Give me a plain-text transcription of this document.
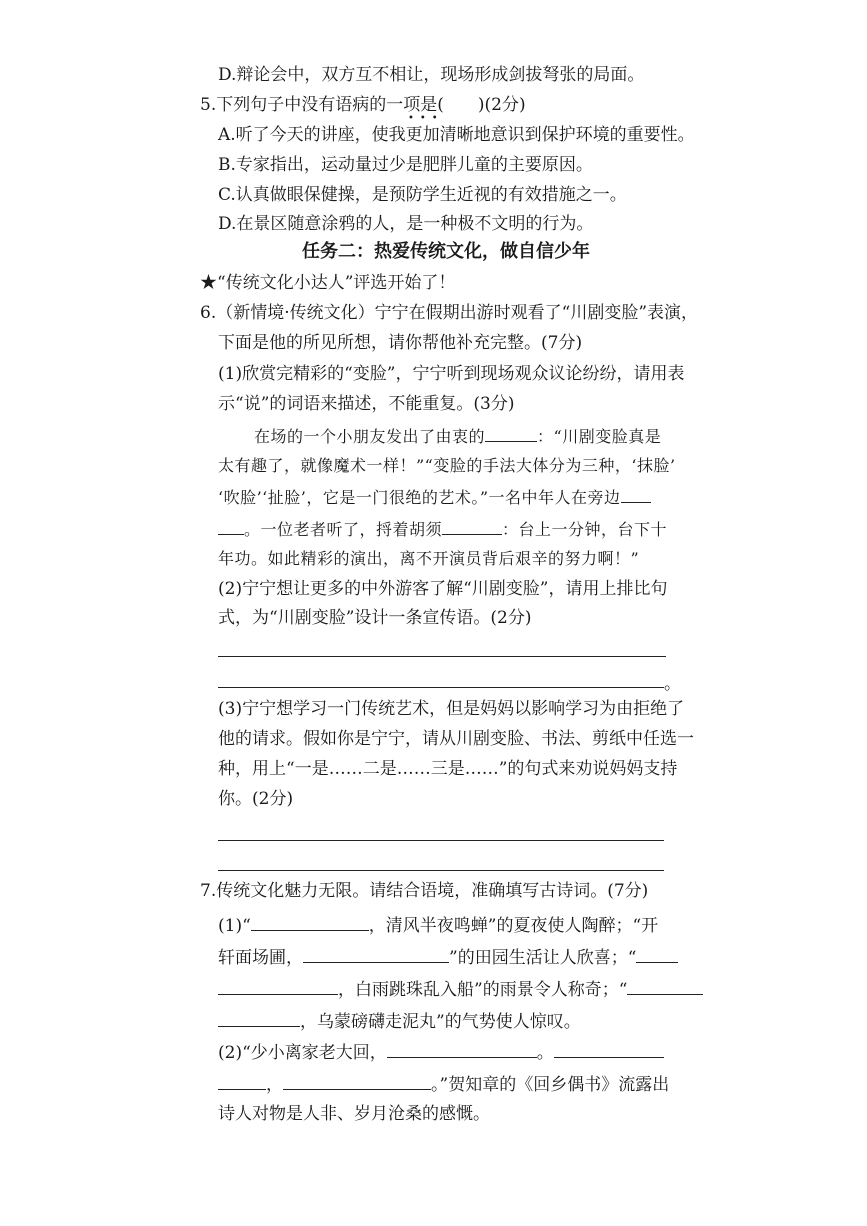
D.辩论会中，双方互不相让，现场形成剑拔弩张的局面。
5.下列句子中没有语病的一项是( )(2分)
•••
A.听了今天的讲座，使我更加清晰地意识到保护环境的重要性。
B.专家指出，运动量过少是肥胖儿童的主要原因。
C.认真做眼保健操，是预防学生近视的有效措施之一。
D.在景区随意涂鸦的人，是一种极不文明的行为。
任务二：热爱传统文化，做自信少年
★“传统文化小达人”评选开始了！
6.（新情境·传统文化）宁宁在假期出游时观看了“川剧变脸”表演，
下面是他的所见所想，请你帮他补充完整。(7分)
(1)欣赏完精彩的“变脸”，宁宁听到现场观众议论纷纷，请用表
示“说”的词语来描述，不能重复。(3分)
在场的一个小朋友发出了由衷的	：“川剧变脸真是
太有趣了，就像魔术一样！”“变脸的手法大体分为三种，‘抹脸’
‘吹脸’‘扯脸’，它是一门很绝的艺术。”一名中年人在旁边
。一位老者听了，捋着胡须	：台上一分钟，台下十
年功。如此精彩的演出，离不开演员背后艰辛的努力啊！”
(2)宁宁想让更多的中外游客了解“川剧变脸”，请用上排比句
式，为“川剧变脸”设计一条宣传语。(2分)
。
(3)宁宁想学习一门传统艺术，但是妈妈以影响学习为由拒绝了
他的请求。假如你是宁宁，请从川剧变脸、书法、剪纸中任选一
种，用上“一是……二是……三是……”的句式来劝说妈妈支持
你。(2分)
7.传统文化魅力无限。请结合语境，准确填写古诗词。(7分)
(1)“	，清风半夜鸣蝉”的夏夜使人陶醉；“开
轩面场圃，	”的田园生活让人欣喜；“
，白雨跳珠乱入船”的雨景令人称奇；“
，乌蒙磅礴走泥丸”的气势使人惊叹。
(2)“少小离家老大回，	。
，	。”贺知章的《回乡偶书》流露出
诗人对物是人非、岁月沧桑的感慨。
